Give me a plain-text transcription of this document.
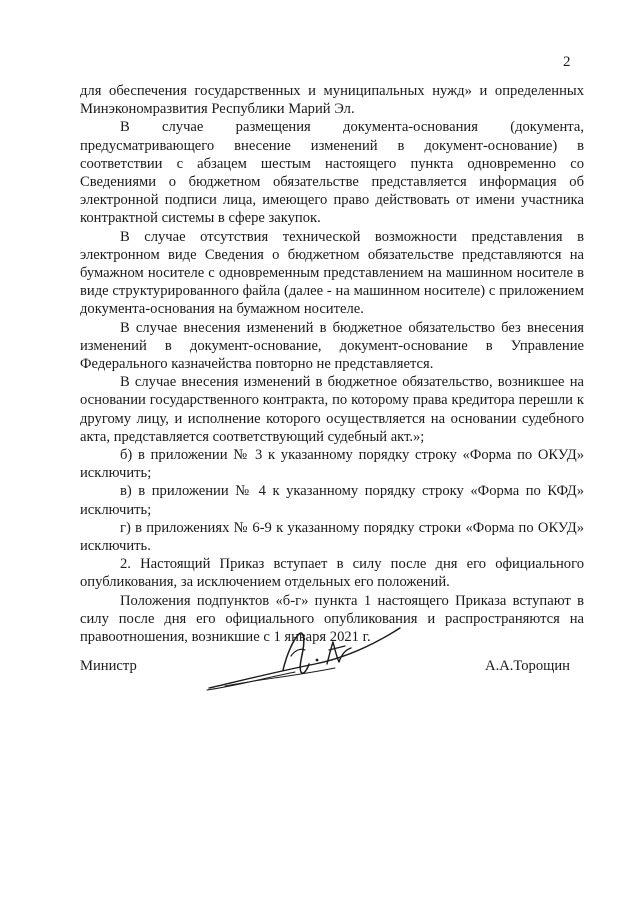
2

для обеспечения государственных и муниципальных нужд» и определенных Минэкономразвития Республики Марий Эл.

В случае размещения документа-основания (документа, предусматривающего внесение изменений в документ-основание) в соответствии с абзацем шестым настоящего пункта одновременно со Сведениями о бюджетном обязательстве представляется информация об электронной подписи лица, имеющего право действовать от имени участника контрактной системы в сфере закупок.

В случае отсутствия технической возможности представления в электронном виде Сведения о бюджетном обязательстве представляются на бумажном носителе с одновременным представлением на машинном носителе в виде структурированного файла (далее - на машинном носителе) с приложением документа-основания на бумажном носителе.

В случае внесения изменений в бюджетное обязательство без внесения изменений в документ-основание, документ-основание в Управление Федерального казначейства повторно не представляется.

В случае внесения изменений в бюджетное обязательство, возникшее на основании государственного контракта, по которому права кредитора перешли к другому лицу, и исполнение которого осуществляется на основании судебного акта, представляется соответствующий судебный акт.»;

б) в приложении № 3 к указанному порядку строку «Форма по ОКУД» исключить;

в) в приложении № 4 к указанному порядку строку «Форма по КФД» исключить;

г) в приложениях № 6-9 к указанному порядку строки «Форма по ОКУД» исключить.

2. Настоящий Приказ вступает в силу после дня его официального опубликования, за исключением отдельных его положений.

Положения подпунктов «б-г» пункта 1 настоящего Приказа вступают в силу после дня его официального опубликования и распространяются на правоотношения, возникшие с 1 января 2021 г.

Министр	А.А.Торощин
